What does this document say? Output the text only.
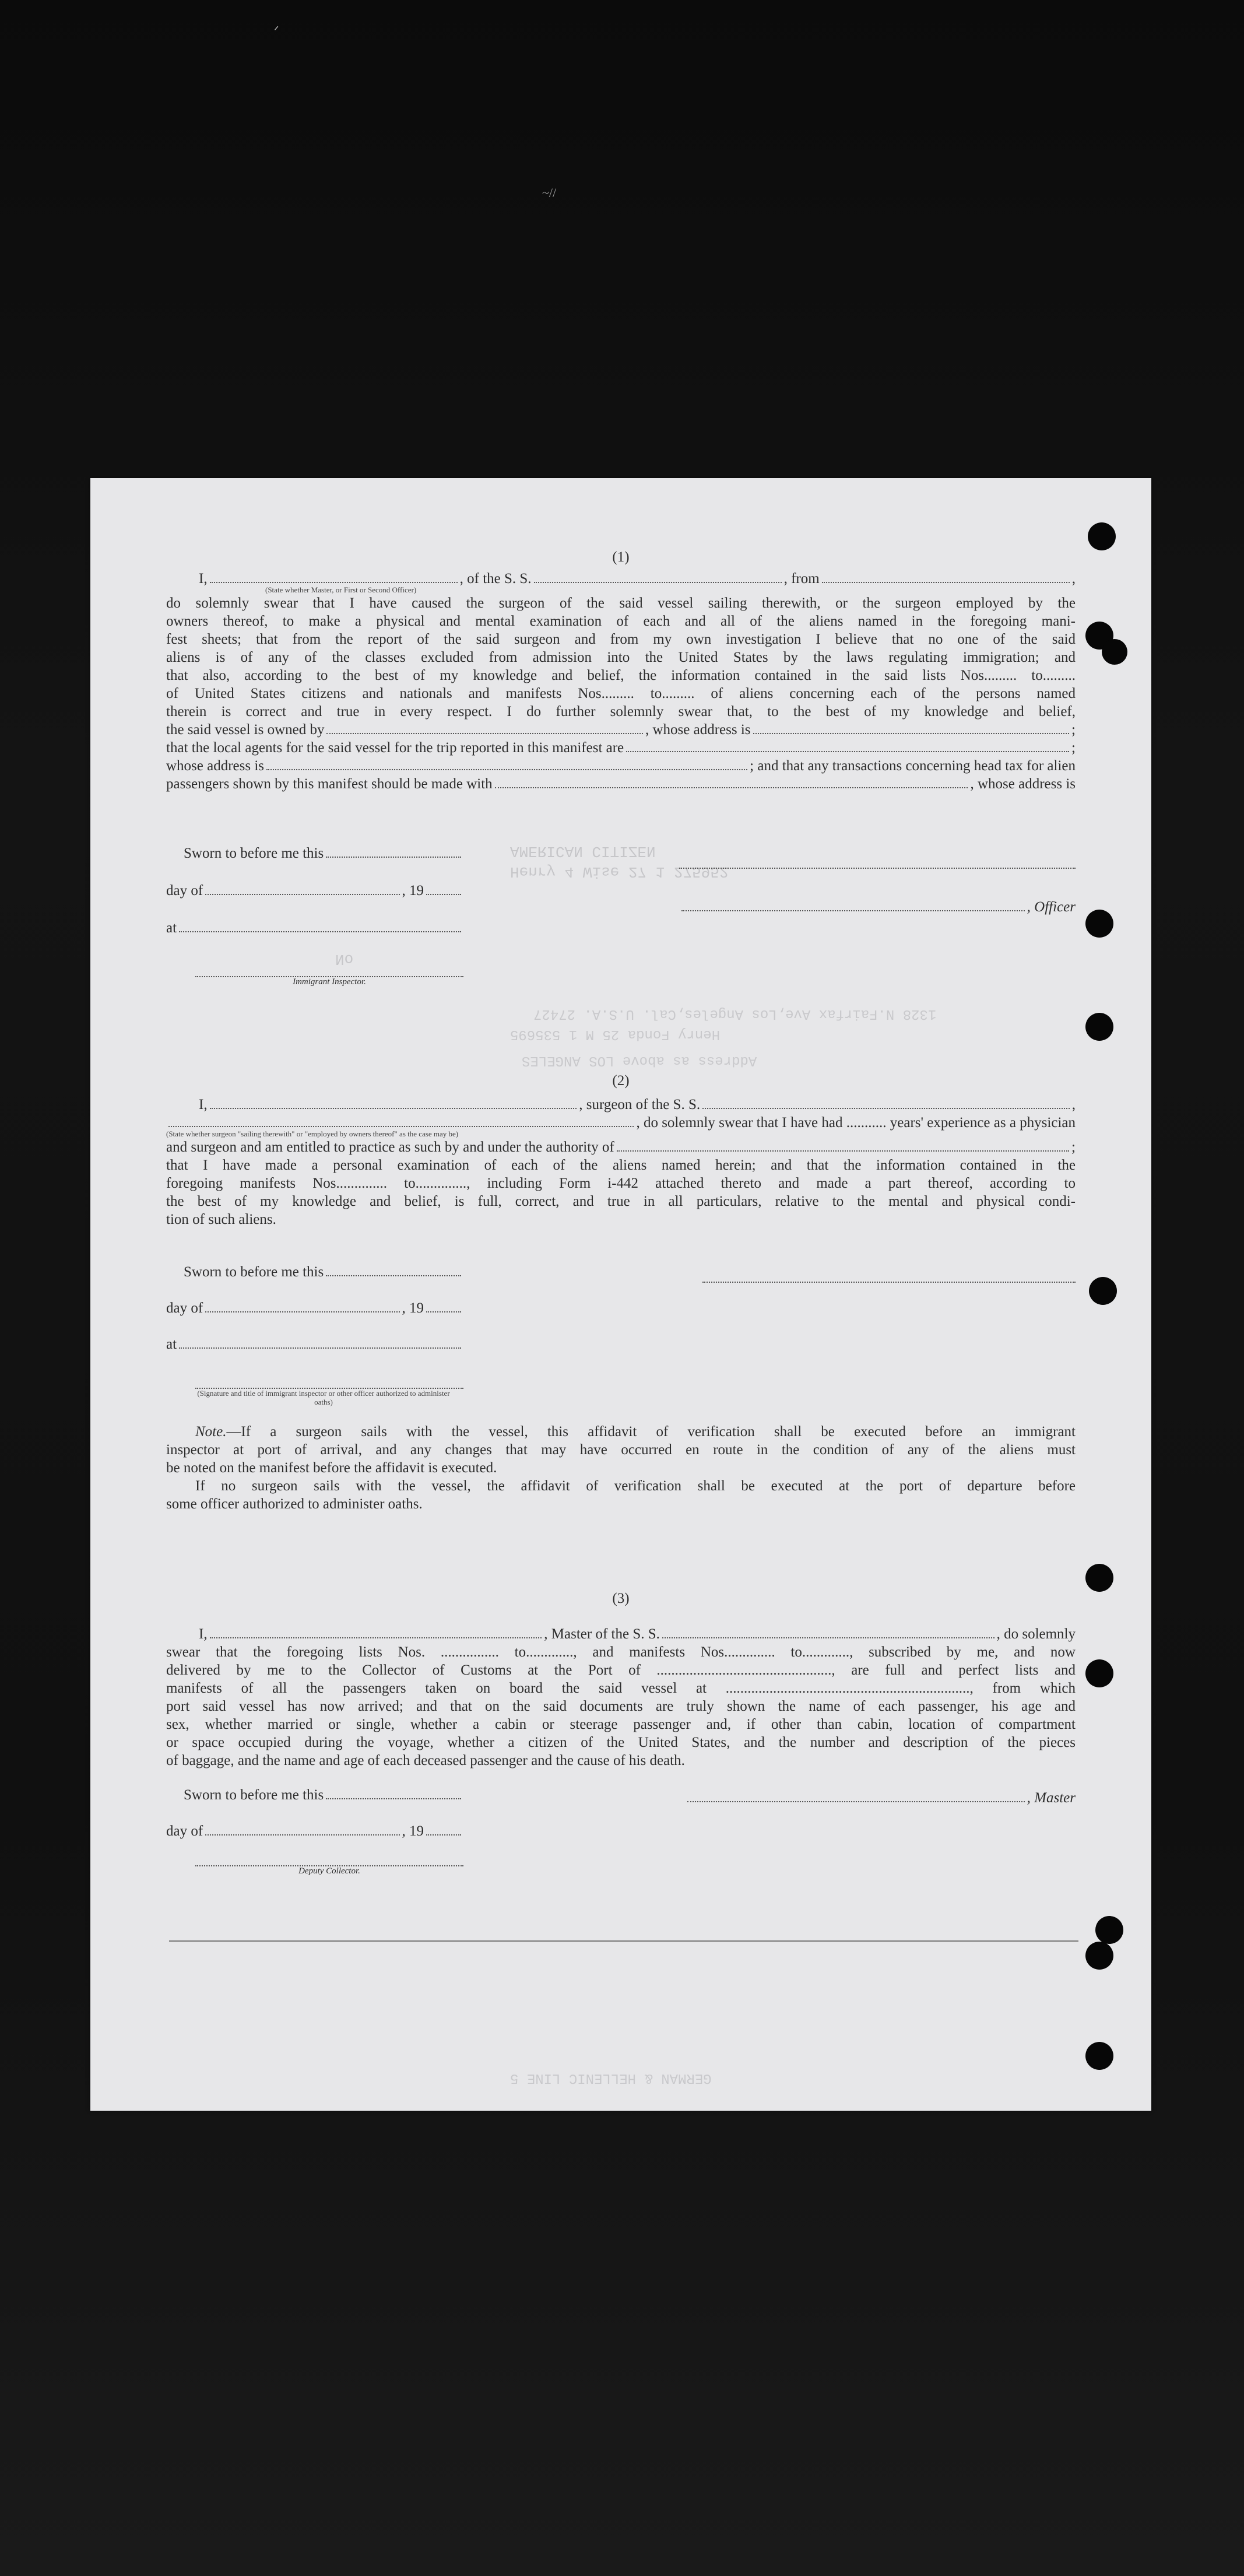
ᐟ
~//
AMERICAN CITIZEN
Henry 4 Wise 27 1 275952
No
1328 N.Fairfax Ave,Los Angeles,Cal. U.S.A. 27427
Henry Fonda 25 M 1 535695
Address as above LOS ANGELES
GERMAN & HELLENIC LINE 5
(1)
I,	, of the S. S.	, from	,
(State whether Master, or First or Second Officer)
do solemnly swear that I have caused the surgeon of the said vessel sailing therewith, or the surgeon employed by the
owners thereof, to make a physical and mental examination of each and all of the aliens named in the foregoing mani-
fest sheets; that from the report of the said surgeon and from my own investigation I believe that no one of the said
aliens is of any of the classes excluded from admission into the United States by the laws regulating immigration; and
that also, according to the best of my knowledge and belief, the information contained in the said lists Nos......... to.........
of United States citizens and nationals and manifests Nos......... to......... of aliens concerning each of the persons named
therein is correct and true in every respect. I do further solemnly swear that, to the best of my knowledge and belief,
the said vessel is owned by	, whose address is	;
that the local agents for the said vessel for the trip reported in this manifest are	;
whose address is	; and that any transactions concerning head tax for alien
passengers shown by this manifest should be made with	, whose address is
Sworn to before me this
day of	, 19
at
Immigrant Inspector.
, Officer
(2)
I,	, surgeon of the S. S.	,
, do solemnly swear that I have had ........... years' experience as a physician
(State whether surgeon "sailing therewith" or "employed by owners thereof" as the case may be)
and surgeon and am entitled to practice as such by and under the authority of	;
that I have made a personal examination of each of the aliens named herein; and that the information contained in the
foregoing manifests Nos.............. to.............., including Form i-442 attached thereto and made a part thereof, according to
the best of my knowledge and belief, is full, correct, and true in all particulars, relative to the mental and physical condi-
tion of such aliens.
Sworn to before me this
day of	, 19
at
(Signature and title of immigrant inspector or other officer authorized to administer oaths)
Note.—If a surgeon sails with the vessel, this affidavit of verification shall be executed before an immigrant
inspector at port of arrival, and any changes that may have occurred en route in the condition of any of the aliens must
be noted on the manifest before the affidavit is executed.
If no surgeon sails with the vessel, the affidavit of verification shall be executed at the port of departure before
some officer authorized to administer oaths.
(3)
I,	, Master of the S. S.	, do solemnly
swear that the foregoing lists Nos. ................ to............., and manifests Nos.............. to............., subscribed by me, and now
delivered by me to the Collector of Customs at the Port of ................................................, are full and perfect lists and
manifests of all the passengers taken on board the said vessel at ..................................................................., from which
port said vessel has now arrived; and that on the said documents are truly shown the name of each passenger, his age and
sex, whether married or single, whether a cabin or steerage passenger and, if other than cabin, location of compartment
or space occupied during the voyage, whether a citizen of the United States, and the number and description of the pieces
of baggage, and the name and age of each deceased passenger and the cause of his death.
Sworn to before me this
day of	, 19
Deputy Collector.
, Master
